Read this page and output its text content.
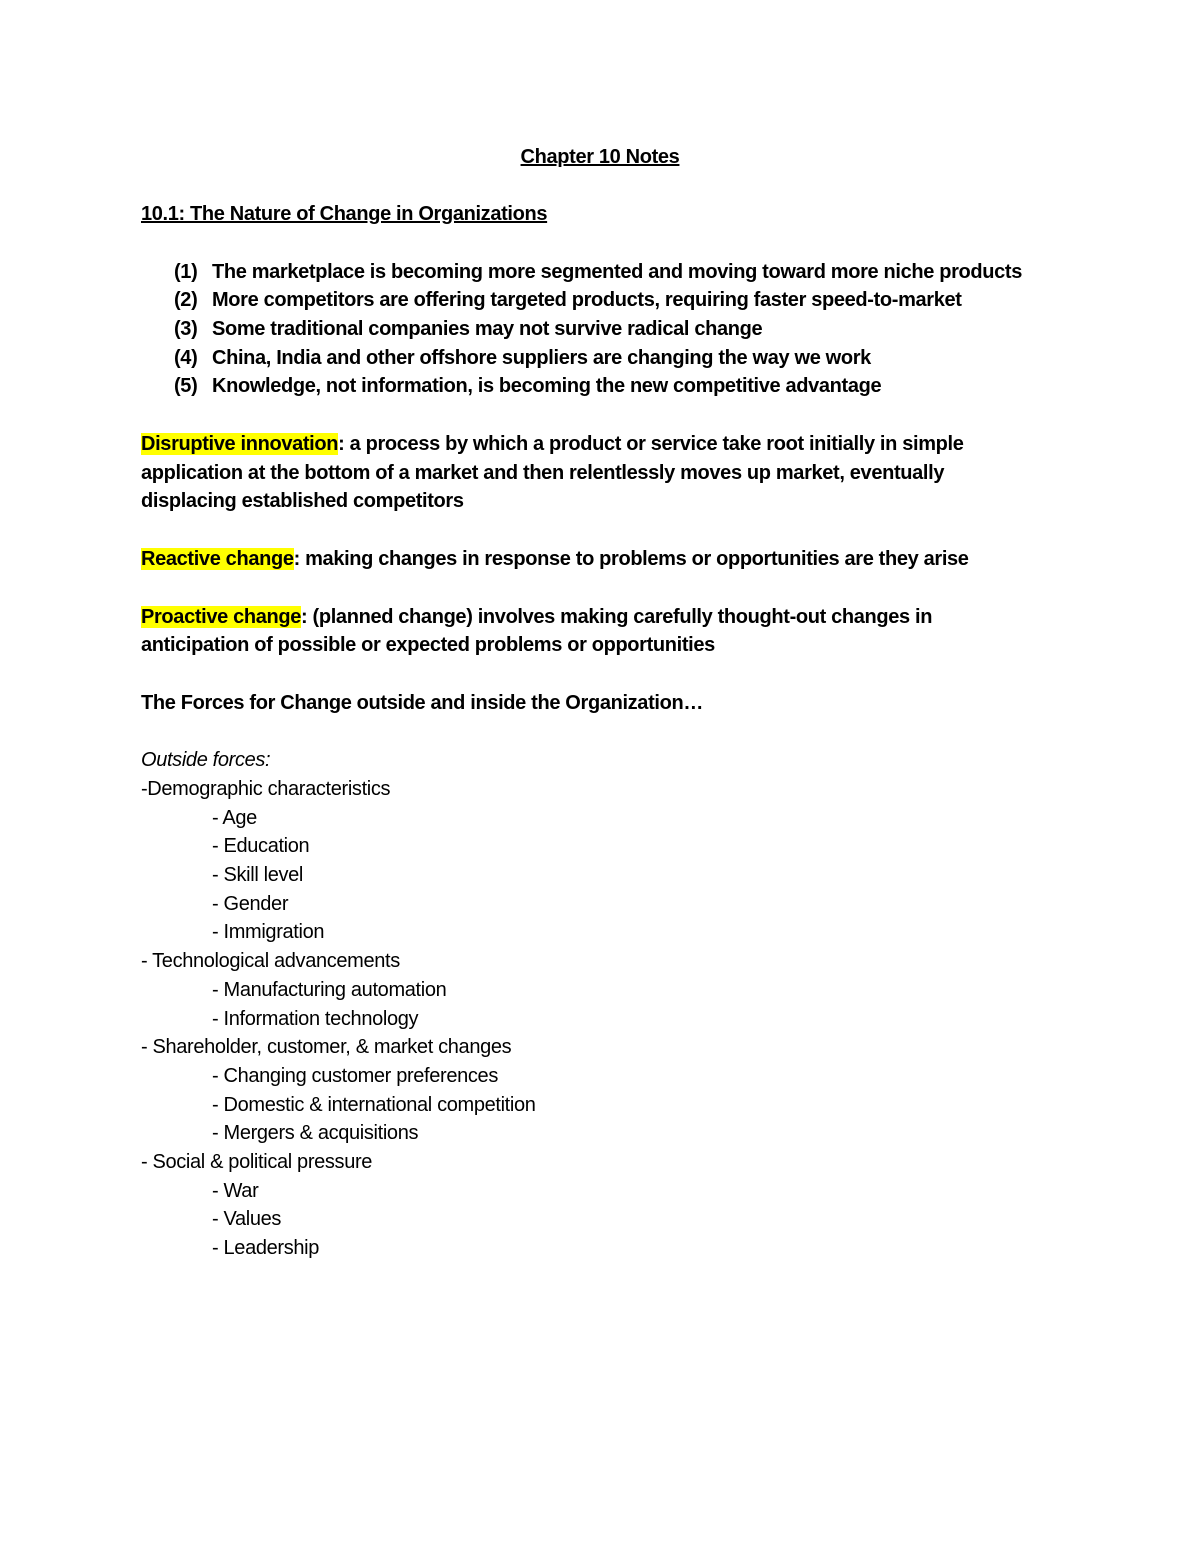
Chapter 10 Notes
10.1: The Nature of Change in Organizations
(1) The marketplace is becoming more segmented and moving toward more niche products
(2) More competitors are offering targeted products, requiring faster speed-to-market
(3) Some traditional companies may not survive radical change
(4) China, India and other offshore suppliers are changing the way we work
(5) Knowledge, not information, is becoming the new competitive advantage
Disruptive innovation: a process by which a product or service take root initially in simple
application at the bottom of a market and then relentlessly moves up market, eventually
displacing established competitors
Reactive change: making changes in response to problems or opportunities are they arise
Proactive change: (planned change) involves making carefully thought-out changes in
anticipation of possible or expected problems or opportunities
The Forces for Change outside and inside the Organization…
Outside forces:
-Demographic characteristics
- Age
- Education
- Skill level
- Gender
- Immigration
- Technological advancements
- Manufacturing automation
- Information technology
- Shareholder, customer, & market changes
- Changing customer preferences
- Domestic & international competition
- Mergers & acquisitions
- Social & political pressure
- War
- Values
- Leadership
